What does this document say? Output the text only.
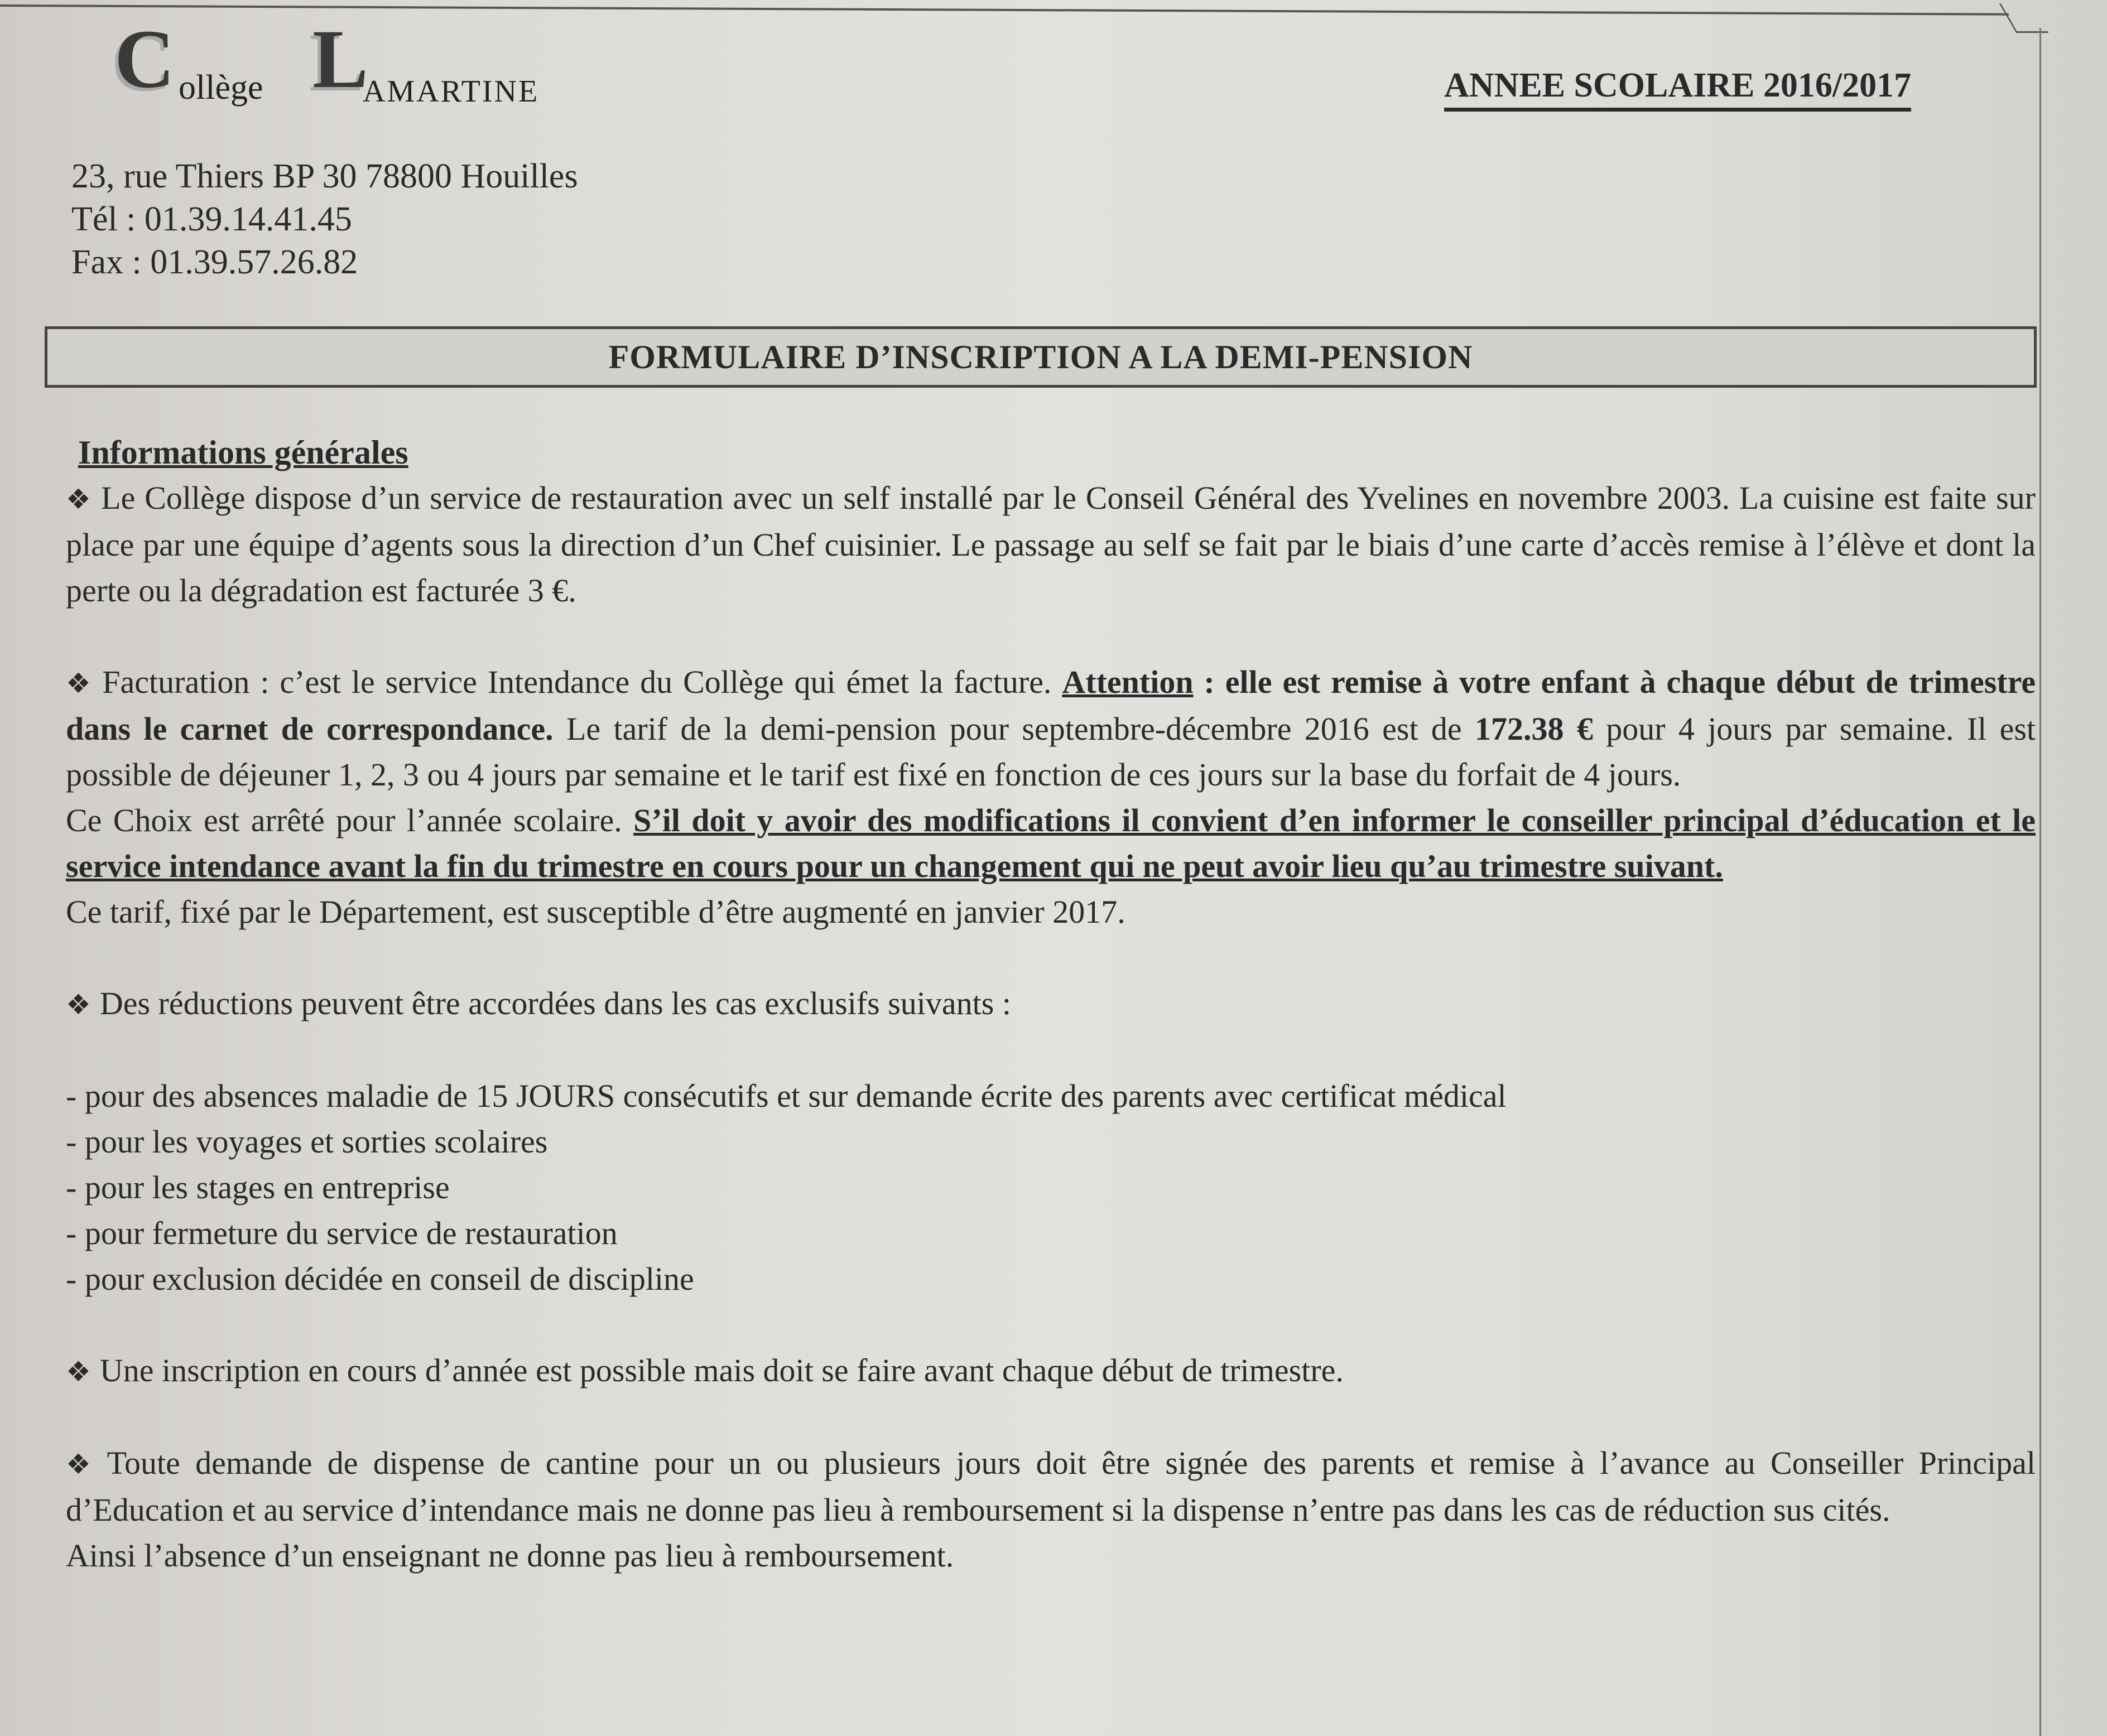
C ollège L
AMARTINE	ANNEE SCOLAIRE 2016/2017
23, rue Thiers BP 30 78800 Houilles
Tél : 01.39.14.41.45
Fax : 01.39.57.26.82
FORMULAIRE D’INSCRIPTION A LA DEMI-PENSION
Informations générales

❖ Le Collège dispose d’un service de restauration avec un self installé par le Conseil Général des Yvelines en novembre 2003. La cuisine est faite sur place par une équipe d’agents sous la direction d’un Chef cuisinier. Le passage au self se fait par le biais d’une carte d’accès remise à l’élève et dont la perte ou la dégradation est facturée 3 €.

❖ Facturation : c’est le service Intendance du Collège qui émet la facture. Attention : elle est remise à votre enfant à chaque début de trimestre dans le carnet de correspondance. Le tarif de la demi-pension pour septembre-décembre 2016 est de 172.38 € pour 4 jours par semaine. Il est possible de déjeuner 1, 2, 3 ou 4 jours par semaine et le tarif est fixé en fonction de ces jours sur la base du forfait de 4 jours.

Ce Choix est arrêté pour l’année scolaire. S’il doit y avoir des modifications il convient d’en informer le conseiller principal d’éducation et le service intendance avant la fin du trimestre en cours pour un changement qui ne peut avoir lieu qu’au trimestre suivant.

Ce tarif, fixé par le Département, est susceptible d’être augmenté en janvier 2017.

❖ Des réductions peuvent être accordées dans les cas exclusifs suivants :

- pour des absences maladie de 15 JOURS consécutifs et sur demande écrite des parents avec certificat médical

- pour les voyages et sorties scolaires

- pour les stages en entreprise

- pour fermeture du service de restauration

- pour exclusion décidée en conseil de discipline

❖ Une inscription en cours d’année est possible mais doit se faire avant chaque début de trimestre.

❖ Toute demande de dispense de cantine pour un ou plusieurs jours doit être signée des parents et remise à l’avance au Conseiller Principal d’Education et au service d’intendance mais ne donne pas lieu à remboursement si la dispense n’entre pas dans les cas de réduction sus cités.

Ainsi l’absence d’un enseignant ne donne pas lieu à remboursement.
